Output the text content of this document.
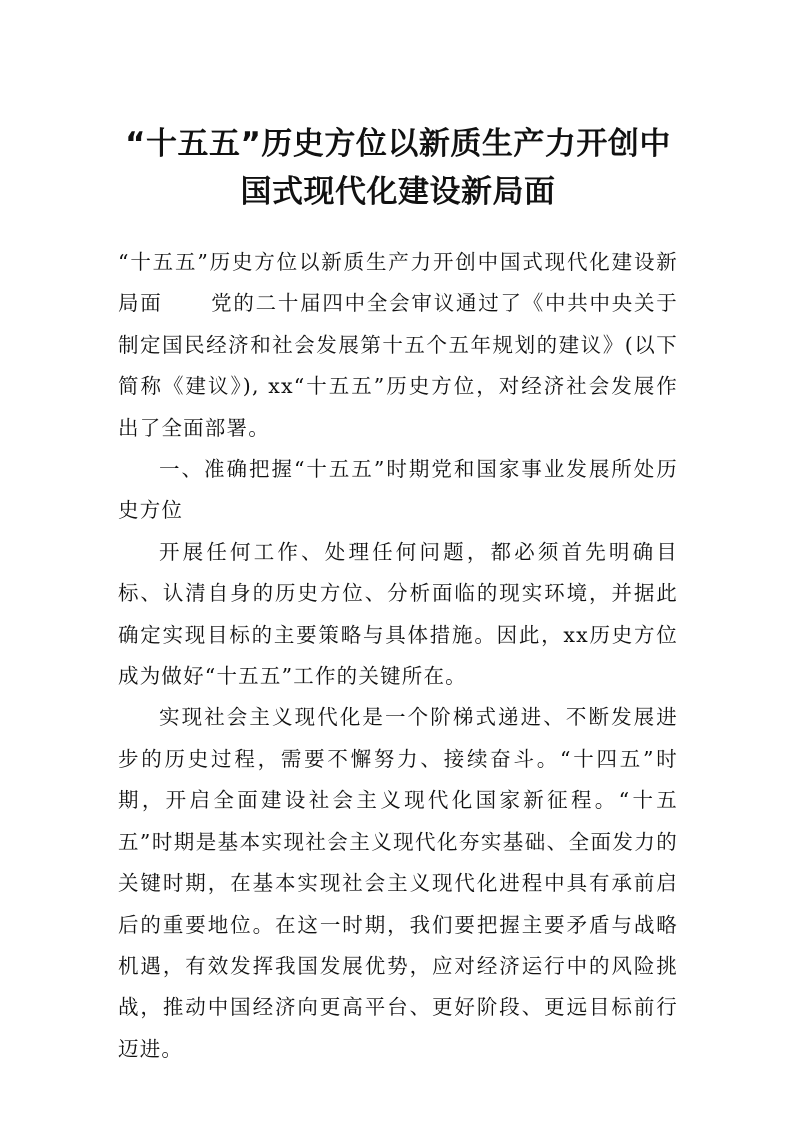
“十五五”历史方位以新质生产力开创中国式现代化建设新局面

“十五五”历史方位以新质生产力开创中国式现代化建设新局面 党的二十届四中全会审议通过了《中共中央关于制定国民经济和社会发展第十五个五年规划的建议》(以下简称《建议》), xx“十五五”历史方位，对经济社会发展作出了全面部署。

一、准确把握“十五五”时期党和国家事业发展所处历史方位

开展任何工作、处理任何问题，都必须首先明确目标、认清自身的历史方位、分析面临的现实环境，并据此确定实现目标的主要策略与具体措施。因此，xx历史方位成为做好“十五五”工作的关键所在。

实现社会主义现代化是一个阶梯式递进、不断发展进步的历史过程，需要不懈努力、接续奋斗。“十四五”时期，开启全面建设社会主义现代化国家新征程。“十五五”时期是基本实现社会主义现代化夯实基础、全面发力的关键时期，在基本实现社会主义现代化进程中具有承前启后的重要地位。在这一时期，我们要把握主要矛盾与战略机遇，有效发挥我国发展优势，应对经济运行中的风险挑战，推动中国经济向更高平台、更好阶段、更远目标前行迈进。
